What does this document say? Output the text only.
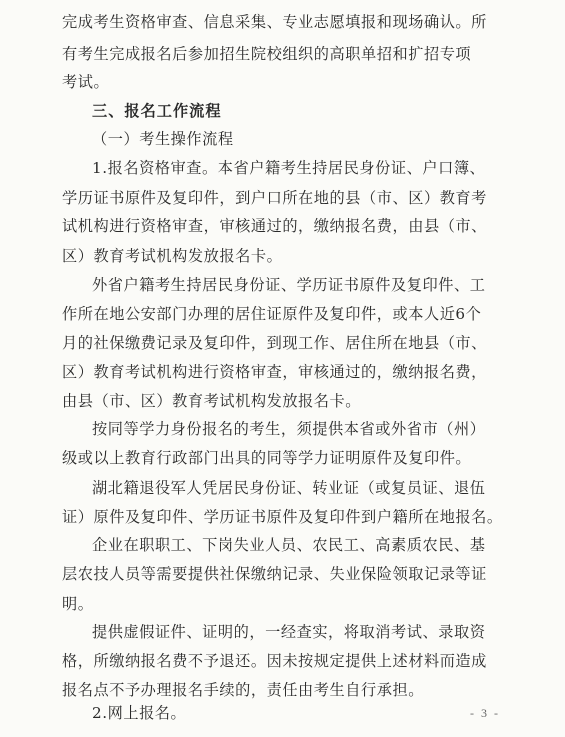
完成考生资格审查、信息采集、专业志愿填报和现场确认。所
有考生完成报名后参加招生院校组织的高职单招和扩招专项
考试。
三、报名工作流程
（一）考生操作流程
1.报名资格审查。本省户籍考生持居民身份证、户口簿、
学历证书原件及复印件，到户口所在地的县（市、区）教育考
试机构进行资格审查，审核通过的，缴纳报名费，由县（市、
区）教育考试机构发放报名卡。
外省户籍考生持居民身份证、学历证书原件及复印件、工
作所在地公安部门办理的居住证原件及复印件，或本人近6个
月的社保缴费记录及复印件，到现工作、居住所在地县（市、
区）教育考试机构进行资格审查，审核通过的，缴纳报名费，
由县（市、区）教育考试机构发放报名卡。
按同等学力身份报名的考生，须提供本省或外省市（州）
级或以上教育行政部门出具的同等学力证明原件及复印件。
湖北籍退役军人凭居民身份证、转业证（或复员证、退伍
证）原件及复印件、学历证书原件及复印件到户籍所在地报名。
企业在职职工、下岗失业人员、农民工、高素质农民、基
层农技人员等需要提供社保缴纳记录、失业保险领取记录等证
明。
提供虚假证件、证明的，一经查实，将取消考试、录取资
格，所缴纳报名费不予退还。因未按规定提供上述材料而造成
报名点不予办理报名手续的，责任由考生自行承担。
2.网上报名。	- 3 -
